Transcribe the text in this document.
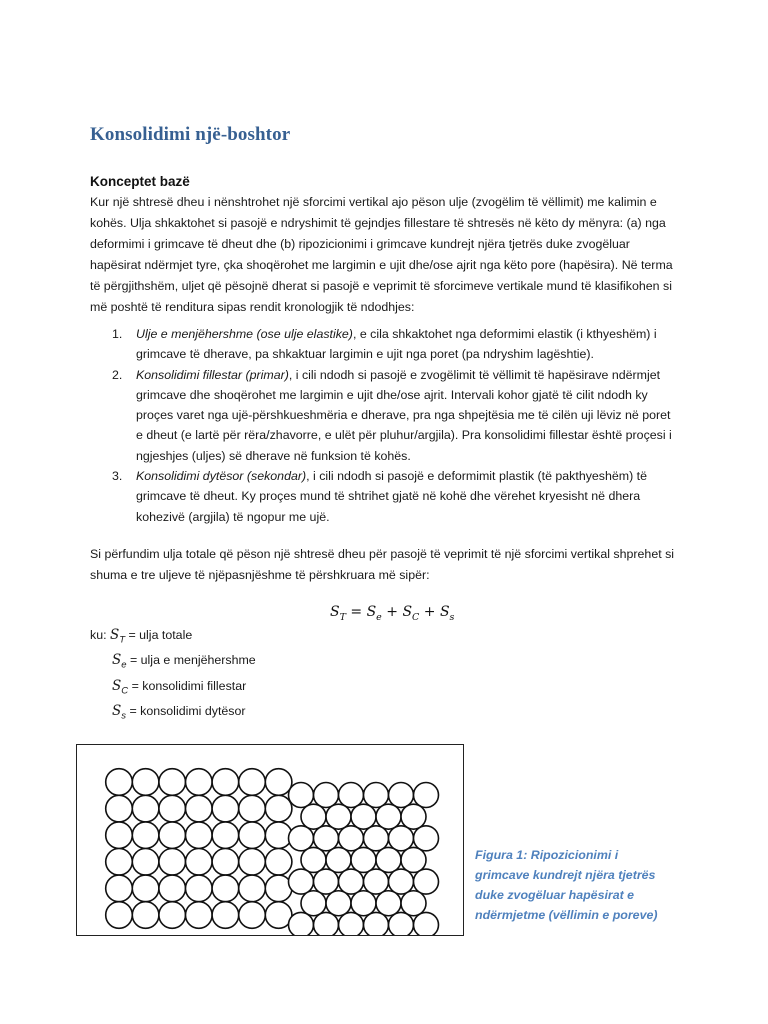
Konsolidimi një-boshtor
Konceptet bazë
Kur një shtresë dheu i nënshtrohet një sforcimi vertikal ajo pëson ulje (zvogëlim të vëllimit) me kalimin e kohës. Ulja shkaktohet si pasojë e ndryshimit të gejndjes fillestare të shtresës në këto dy mënyra: (a) nga deformimi i grimcave të dheut dhe (b) ripozicionimi i grimcave kundrejt njëra tjetrës duke zvogëluar hapësirat ndërmjet tyre, çka shoqërohet me largimin e ujit dhe/ose ajrit nga këto pore (hapësira). Në terma të përgjithshëm, uljet që pësojnë dherat si pasojë e veprimit të sforcimeve vertikale mund të klasifikohen si më poshtë të renditura sipas rendit kronologjik të ndodhjes:
1. Ulje e menjëhershme (ose ulje elastike), e cila shkaktohet nga deformimi elastik (i kthyeshëm) i grimcave të dherave, pa shkaktuar largimin e ujit nga poret (pa ndryshim lagështie).
2. Konsolidimi fillestar (primar), i cili ndodh si pasojë e zvogëlimit të vëllimit të hapësirave ndërmjet grimcave dhe shoqërohet me largimin e ujit dhe/ose ajrit. Intervali kohor gjatë të cilit ndodh ky proçes varet nga ujë-përshkueshmëria e dherave, pra nga shpejtësia me të cilën uji lëviz në poret e dheut (e lartë për rëra/zhavorre, e ulët për pluhur/argjila). Pra konsolidimi fillestar është proçesi i ngjeshjes (uljes) së dherave në funksion të kohës.
3. Konsolidimi dytësor (sekondar), i cili ndodh si pasojë e deformimit plastik (të pakthyeshëm) të grimcave të dheut. Ky proçes mund të shtrihet gjatë në kohë dhe vërehet kryesisht në dhera kohezivë (argjila) të ngopur me ujë.
Si përfundim ulja totale që pëson një shtresë dheu për pasojë të veprimit të një sforcimi vertikal shprehet si shuma e tre uljeve të njëpasnjëshme të përshkruara më sipër:
$S_T = S_e + S_C + S_s$
ku: $S_T$ = ulja totale
$S_e$ = ulja e menjëhershme
$S_C$ = konsolidimi fillestar
$S_s$ = konsolidimi dytësor
Figura 1: Ripozicionimi i grimcave kundrejt njëra tjetrës duke zvogëluar hapësirat e ndërmjetme (vëllimin e poreve)
